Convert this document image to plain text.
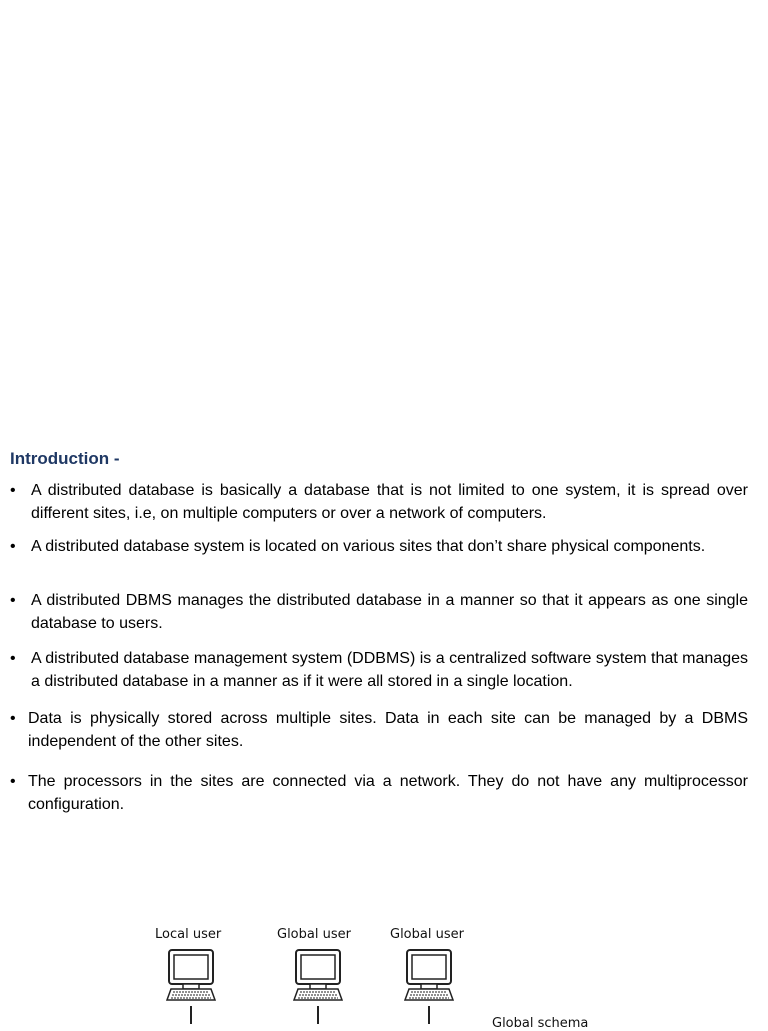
Introduction -
• A distributed database is basically a database that is not limited to one system, it is spread over different sites, i.e, on multiple computers or over a network of computers.
• A distributed database system is located on various sites that don’t share physical components.
• A distributed DBMS manages the distributed database in a manner so that it appears as one single database to users.
• A distributed database management system (DDBMS) is a centralized software system that manages a distributed database in a manner as if it were all stored in a single location.
• Data is physically stored across multiple sites. Data in each site can be managed by a DBMS independent of the other sites.
• The processors in the sites are connected via a network. They do not have any multiprocessor configuration.
Local user	Global user	Global user
Global schema
